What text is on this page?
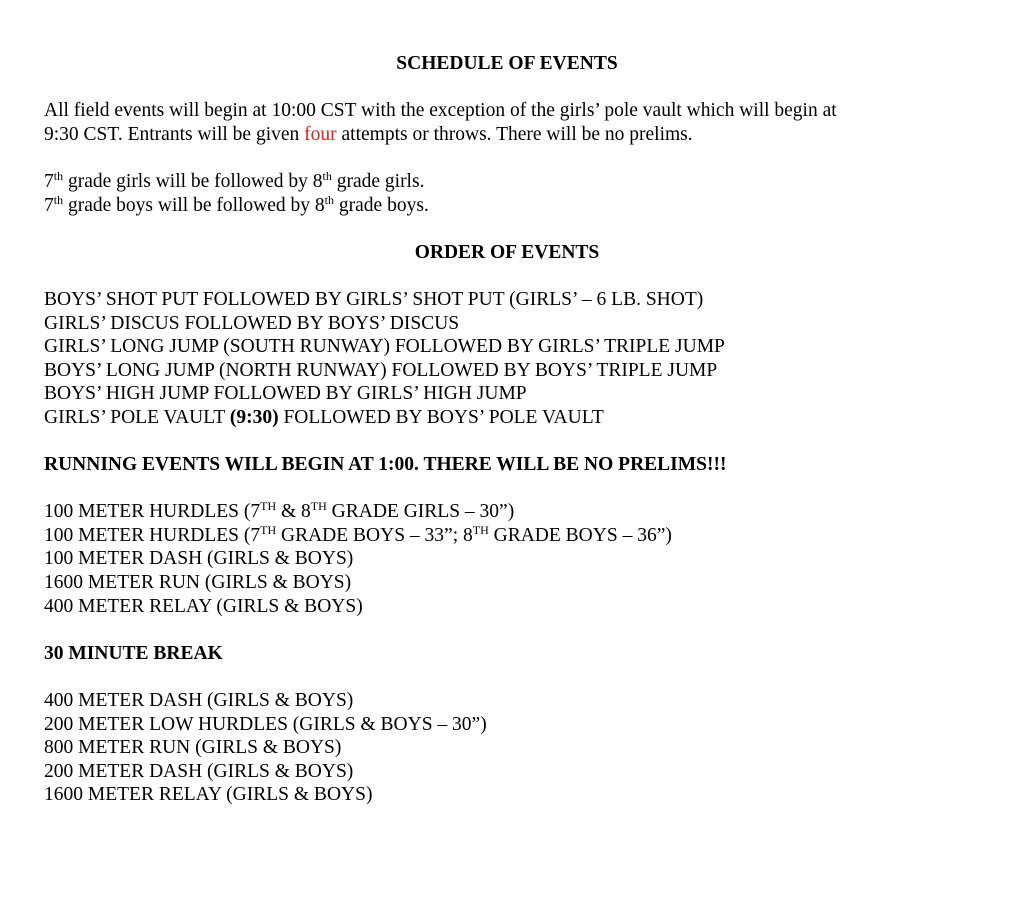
SCHEDULE OF EVENTS

All field events will begin at 10:00 CST with the exception of the girls’ pole vault which will begin at
9:30 CST. Entrants will be given four attempts or throws. There will be no prelims.
7th grade girls will be followed by 8th grade girls.
7th grade boys will be followed by 8th grade boys.

ORDER OF EVENTS

BOYS’ SHOT PUT FOLLOWED BY GIRLS’ SHOT PUT (GIRLS’ – 6 LB. SHOT)
GIRLS’ DISCUS FOLLOWED BY BOYS’ DISCUS
GIRLS’ LONG JUMP (SOUTH RUNWAY) FOLLOWED BY GIRLS’ TRIPLE JUMP
BOYS’ LONG JUMP (NORTH RUNWAY) FOLLOWED BY BOYS’ TRIPLE JUMP
BOYS’ HIGH JUMP FOLLOWED BY GIRLS’ HIGH JUMP
GIRLS’ POLE VAULT (9:30) FOLLOWED BY BOYS’ POLE VAULT

RUNNING EVENTS WILL BEGIN AT 1:00. THERE WILL BE NO PRELIMS!!!

100 METER HURDLES (7TH & 8TH GRADE GIRLS – 30”)
100 METER HURDLES (7TH GRADE BOYS – 33”; 8TH GRADE BOYS – 36”)
100 METER DASH (GIRLS & BOYS)
1600 METER RUN (GIRLS & BOYS)
400 METER RELAY (GIRLS & BOYS)

30 MINUTE BREAK

400 METER DASH (GIRLS & BOYS)
200 METER LOW HURDLES (GIRLS & BOYS – 30”)
800 METER RUN (GIRLS & BOYS)
200 METER DASH (GIRLS & BOYS)
1600 METER RELAY (GIRLS & BOYS)
